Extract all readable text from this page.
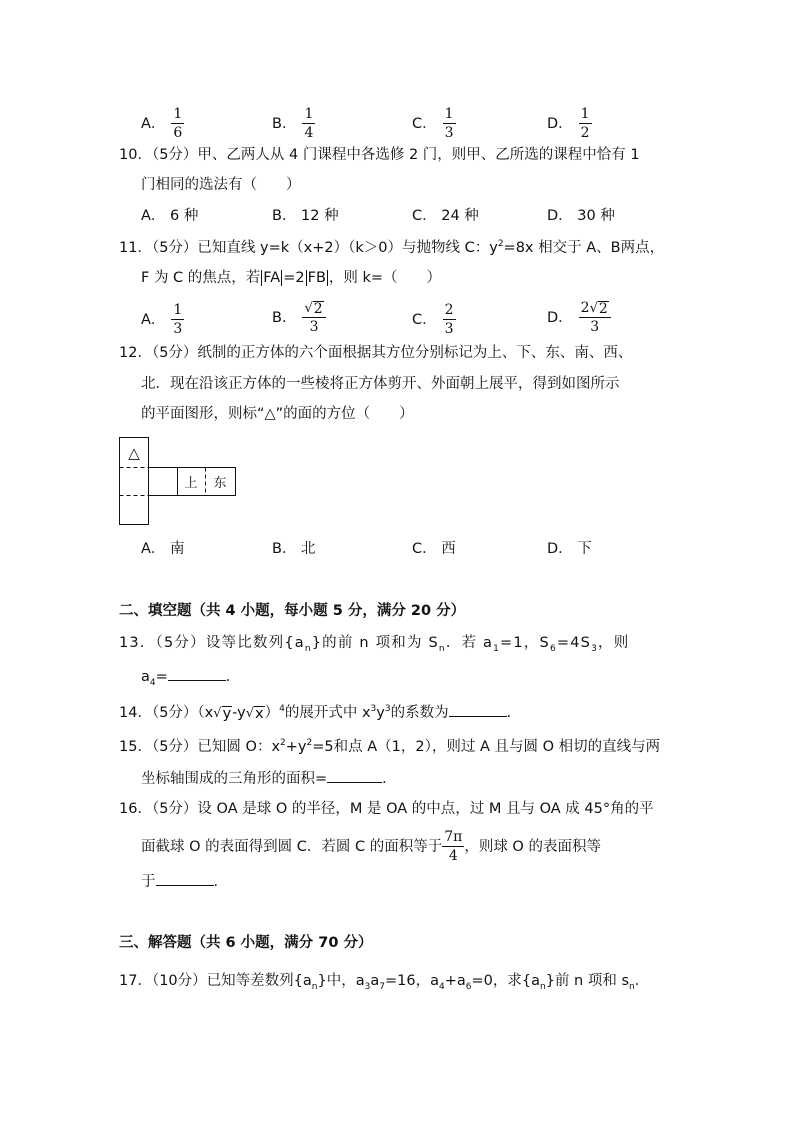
A． $\frac{1}{6}$	B． $\frac{1}{4}$	C． $\frac{1}{3}$	D． $\frac{1}{2}$
10．（5分）甲、乙两人从 4 门课程中各选修 2 门，则甲、乙所选的课程中恰有 1
门相同的选法有（　　）
A． 6 种	B． 12 种	C． 24 种	D． 30 种
11．（5分）已知直线 y=k（x+2）（k＞0）与抛物线 C：$y^2=8x$ 相交于 A、B两点，
F 为 C 的焦点，若 FA =2 FB ，则 k=（　　）
A． $\frac{1}{3}$	B． $\frac{√ 2}{3}$	C． $\frac{2}{3}$	D． $\frac{2 √ 2}{3}$
12．（5分）纸制的正方体的六个面根据其方位分别标记为上、下、东、南、西、
北．现在沿该正方体的一些棱将正方体剪开、外面朝上展平，得到如图所示
的平面图形，则标“△”的面的方位（　　）
△
上 东
A． 南	B． 北	C． 西	D． 下
二、填空题（共 4 小题，每小题 5 分，满分 20 分）
13．（5分）设等比数列$\{a_n\}$的前 n 项和为 $S_n$．若 $a_1=1$，$S_6=4S_3$，则
$a_4=$	．
14．（5分）（x √ y -y √ x ）$^4$的展开式中 $x^3y^3$的系数为	．
15．（5分）已知圆 O：$x^2+y^2=5$和点 A（1，2），则过 A 且与圆 O 相切的直线与两
坐标轴围成的三角形的面积=	．
16．（5分）设 OA 是球 O 的半径，M 是 OA 的中点，过 M 且与 OA 成 45°角的平
面截球 O 的表面得到圆 C．若圆 C 的面积等于 $\frac{7\pi}{4}$ ，则球 O 的表面积等
于	．
三、解答题（共 6 小题，满分 70 分）
17．（10分）已知等差数列$\{a_n\}$中，$a_3a_7=16$，$a_4+a_6=0$，求$\{a_n\}$前 n 项和 $s_n$．
